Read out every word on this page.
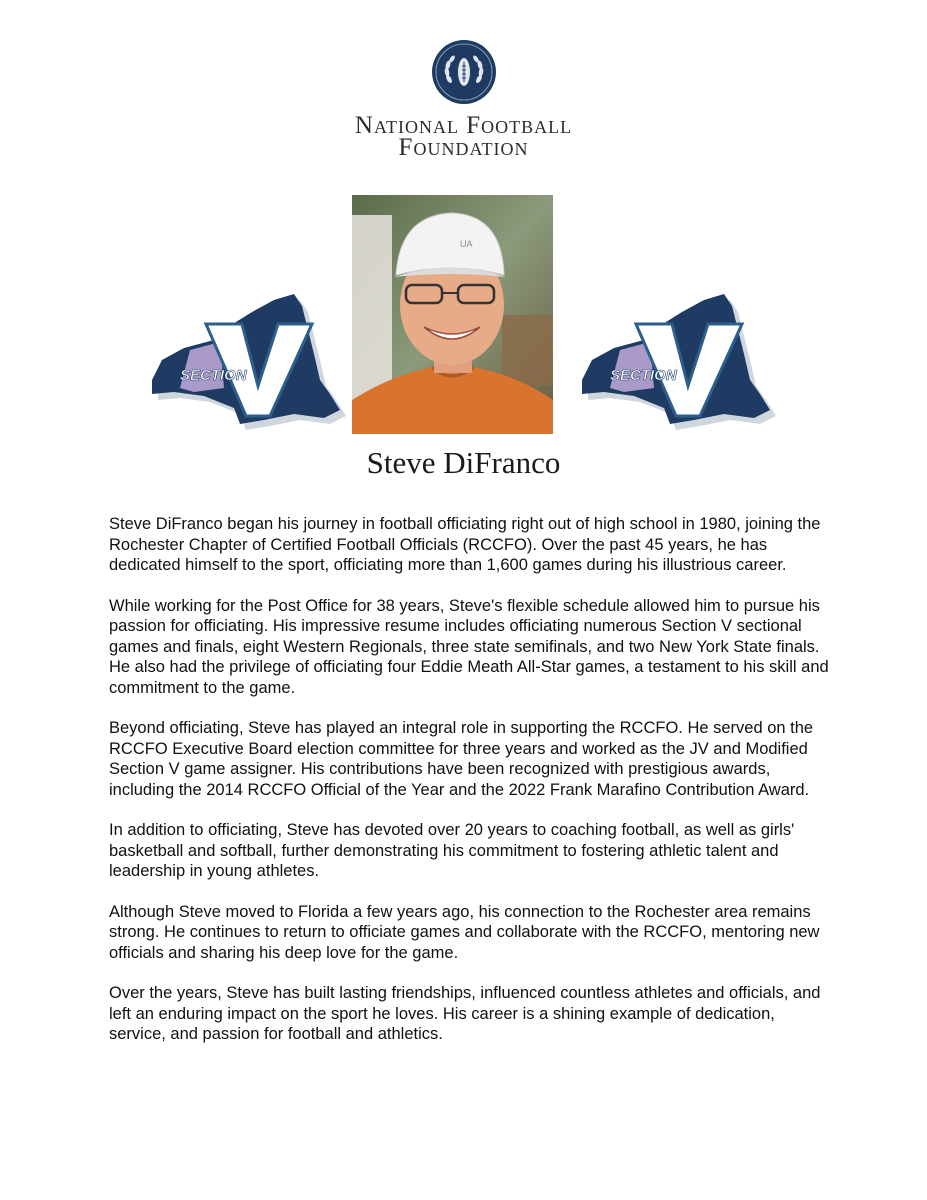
National Football
Foundation
SECTION
UA
SECTION
Steve DiFranco

Steve DiFranco began his journey in football officiating right out of high school in 1980, joining the Rochester Chapter of Certified Football Officials (RCCFO). Over the past 45 years, he has dedicated himself to the sport, officiating more than 1,600 games during his illustrious career.

While working for the Post Office for 38 years, Steve's flexible schedule allowed him to pursue his passion for officiating. His impressive resume includes officiating numerous Section V sectional games and finals, eight Western Regionals, three state semifinals, and two New York State finals. He also had the privilege of officiating four Eddie Meath All-Star games, a testament to his skill and commitment to the game.

Beyond officiating, Steve has played an integral role in supporting the RCCFO. He served on the RCCFO Executive Board election committee for three years and worked as the JV and Modified Section V game assigner. His contributions have been recognized with prestigious awards, including the 2014 RCCFO Official of the Year and the 2022 Frank Marafino Contribution Award.

In addition to officiating, Steve has devoted over 20 years to coaching football, as well as girls' basketball and softball, further demonstrating his commitment to fostering athletic talent and leadership in young athletes.

Although Steve moved to Florida a few years ago, his connection to the Rochester area remains strong. He continues to return to officiate games and collaborate with the RCCFO, mentoring new officials and sharing his deep love for the game.

Over the years, Steve has built lasting friendships, influenced countless athletes and officials, and left an enduring impact on the sport he loves. His career is a shining example of dedication, service, and passion for football and athletics.
